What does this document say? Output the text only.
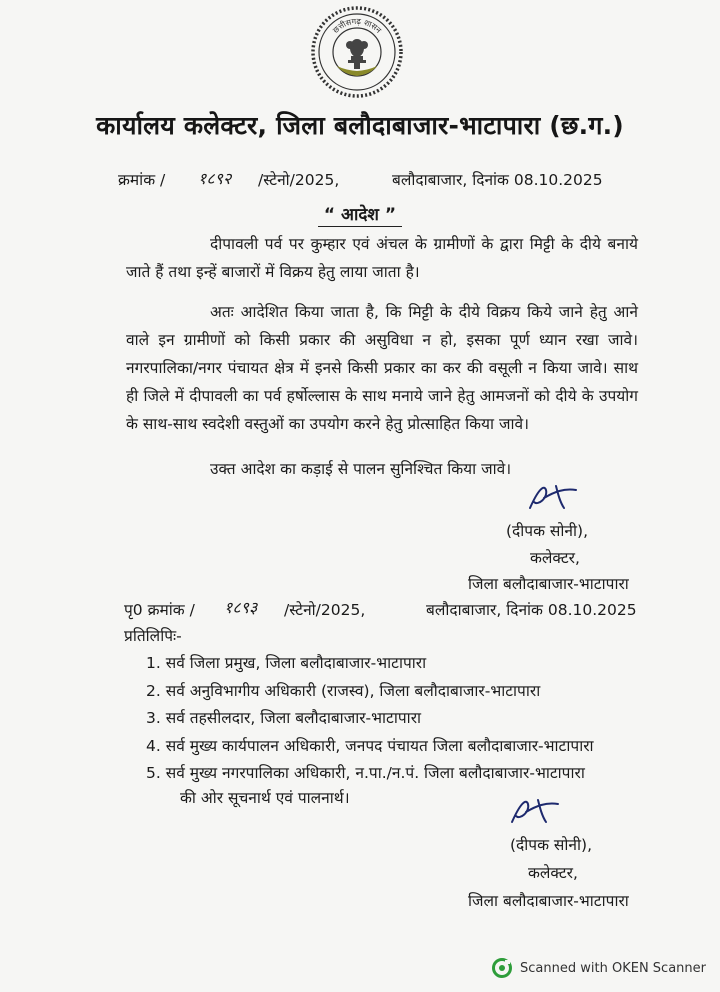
छत्तीसगढ़ शासन
कार्यालय कलेक्टर, जिला बलौदाबाजार-भाटापारा (छ.ग.)
क्रमांक / १८९२ /स्टेनो/2025,	बलौदाबाजार, दिनांक 08.10.2025
“ आदेश ”

दीपावली पर्व पर कुम्हार एवं अंचल के ग्रामीणों के द्वारा मिट्टी के दीये बनाये जाते हैं तथा इन्हें बाजारों में विक्रय हेतु लाया जाता है।

अतः आदेशित किया जाता है, कि मिट्टी के दीये विक्रय किये जाने हेतु आने वाले इन ग्रामीणों को किसी प्रकार की असुविधा न हो, इसका पूर्ण ध्यान रखा जावे। नगरपालिका/नगर पंचायत क्षेत्र में इनसे किसी प्रकार का कर की वसूली न किया जावे। साथ ही जिले में दीपावली का पर्व हर्षोल्लास के साथ मनाये जाने हेतु आमजनों को दीये के उपयोग के साथ-साथ स्वदेशी वस्तुओं का उपयोग करने हेतु प्रोत्साहित किया जावे।

उक्त आदेश का कड़ाई से पालन सुनिश्चित किया जावे।

(दीपक सोनी),
कलेक्टर,
जिला बलौदाबाजार-भाटापारा
पृ0 क्रमांक / १८९३ /स्टेनो/2025,	बलौदाबाजार, दिनांक 08.10.2025
प्रतिलिपिः-
1. सर्व जिला प्रमुख, जिला बलौदाबाजार-भाटापारा
2. सर्व अनुविभागीय अधिकारी (राजस्व), जिला बलौदाबाजार-भाटापारा
3. सर्व तहसीलदार, जिला बलौदाबाजार-भाटापारा
4. सर्व मुख्य कार्यपालन अधिकारी, जनपद पंचायत जिला बलौदाबाजार-भाटापारा
5. सर्व मुख्य नगरपालिका अधिकारी, न.पा./न.पं. जिला बलौदाबाजार-भाटापारा
की ओर सूचनार्थ एवं पालनार्थ।
(दीपक सोनी),
कलेक्टर,
जिला बलौदाबाजार-भाटापारा
Scanned with OKEN Scanner
